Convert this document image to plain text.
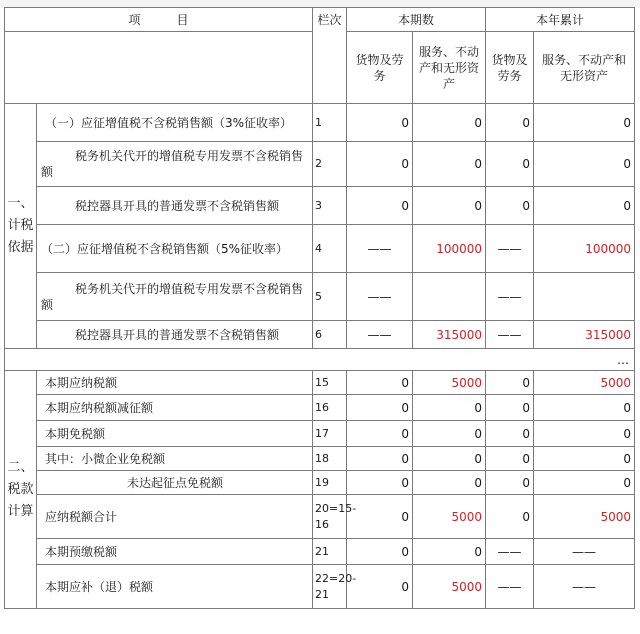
项　　　目		栏次	本期数		本年累计	
			货物及劳务	服务、不动产和无形资产	货物及劳务	服务、不动产和无形资产
一、计税依据	（一）应征增值税不含税销售额（3%征收率）	1	0	0	0	0
	税务机关代开的增值税专用发票不含税销售额	2	0	0	0	0
	税控器具开具的普通发票不含税销售额	3	0	0	0	0
	（二）应征增值税不含税销售额（5%征收率）	4	——	100000	——	100000
	税务机关代开的增值税专用发票不含税销售额	5	——		——	
	税控器具开具的普通发票不含税销售额	6	——	315000	——	315000
…						
二、税款计算	本期应纳税额	15	0	5000	0	5000
	本期应纳税额减征额	16	0	0	0	0
	本期免税额	17	0	0	0	0
	其中：小微企业免税额	18	0	0	0	0
	未达起征点免税额	19	0	0	0	0
	应纳税额合计	20=15-16	0	5000	0	5000
	本期预缴税额	21	0	0	——	——
	本期应补（退）税额	22=20-21	0	5000	——	——
